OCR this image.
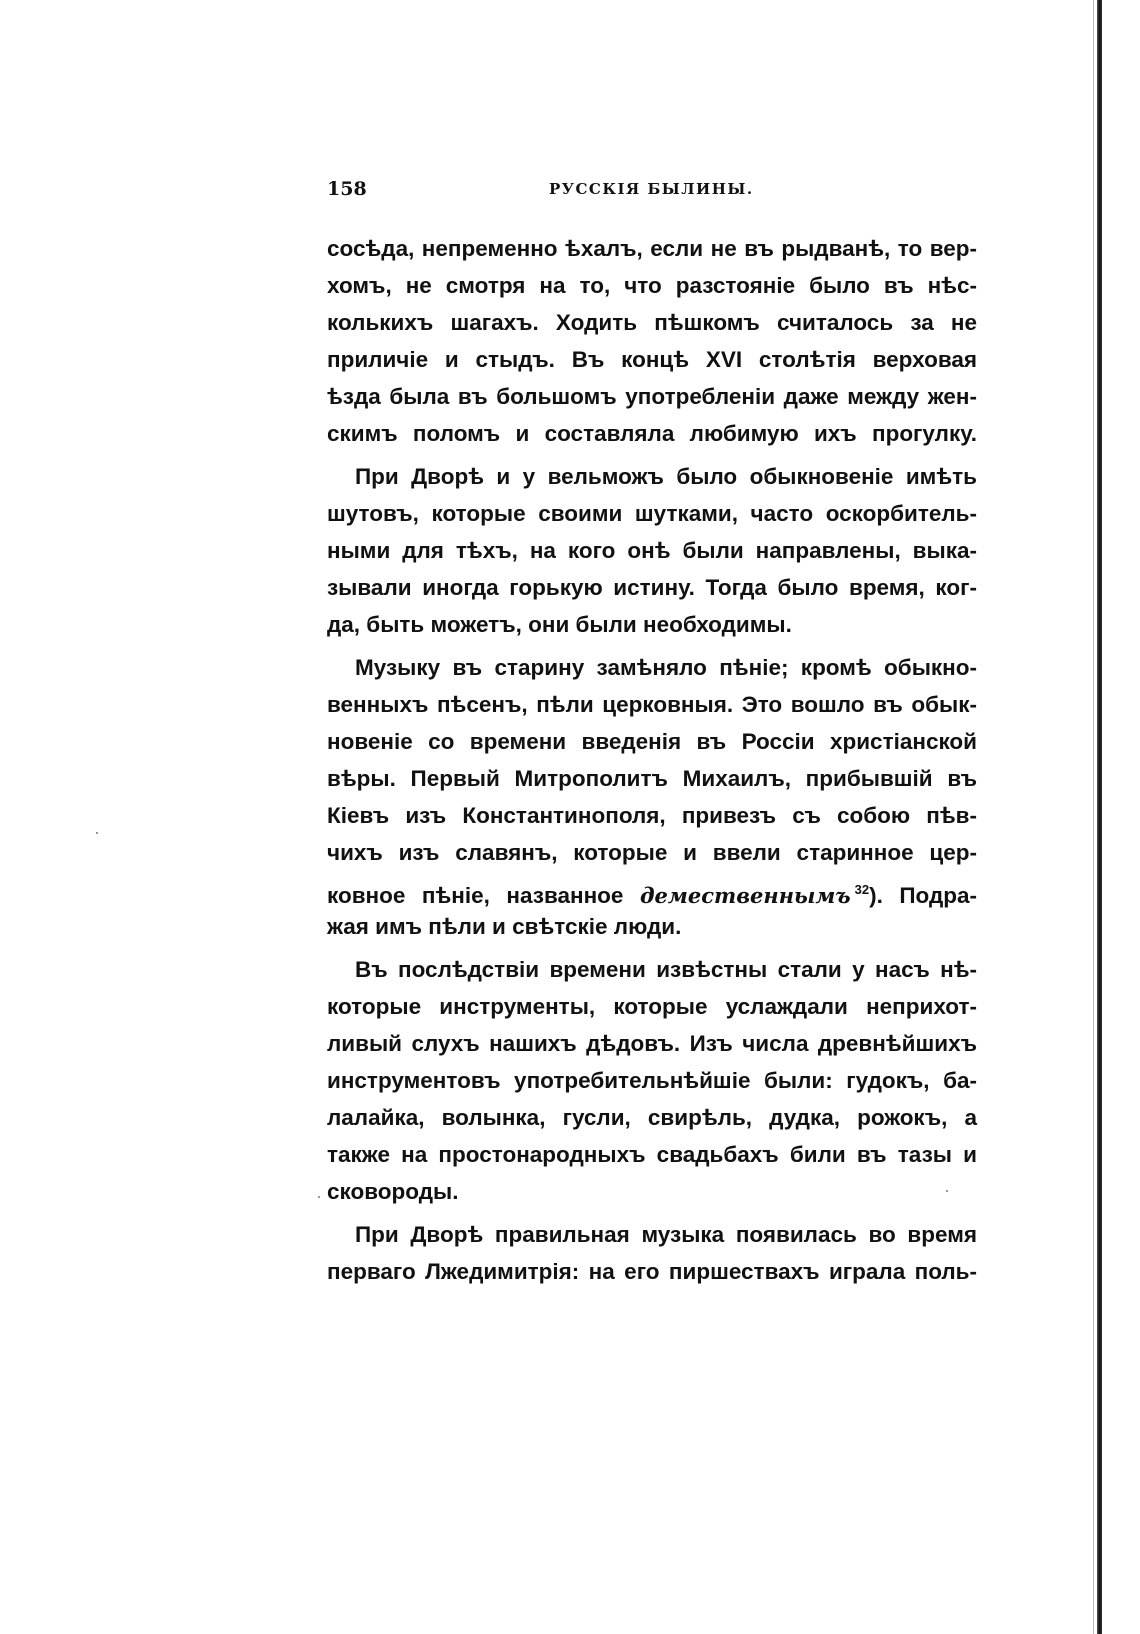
158	РУССКIЯ БЫЛИНЫ.
сосѣда, непременно ѣхалъ, если не въ рыдванѣ, то вер-
хомъ, не смотря на то, что разстоянiе было въ нѣс-
колькихъ шагахъ. Ходить пѣшкомъ считалось за не
приличiе и стыдъ. Въ концѣ XVI столѣтiя верховая
ѣзда была въ большомъ употребленiи даже между жен-
скимъ поломъ и составляла любимую ихъ прогулку.
При Дворѣ и у вельможъ было обыкновенiе имѣть
шутовъ, которые своими шутками, часто оскорбитель-
ными для тѣхъ, на кого онѣ были направлены, выка-
зывали иногда горькую истину. Тогда было время, ког-
да, быть можетъ, они были необходимы.
Музыку въ старину замѣняло пѣнiе; кромѣ обыкно-
венныхъ пѣсенъ, пѣли церковныя. Это вошло въ обык-
новенiе со времени введенiя въ Россiи христiанской
вѣры. Первый Митрополитъ Михаилъ, прибывшiй въ
Кiевъ изъ Константинополя, привезъ съ собою пѣв-
чихъ изъ славянъ, которые и ввели старинное цер-
ковное пѣнiе, названное демественнымъ $^{32}$). Подра-
жая имъ пѣли и свѣтскiе люди.
Въ послѣдствiи времени извѣстны стали у насъ нѣ-
которые инструменты, которые услаждали неприхот-
ливый слухъ нашихъ дѣдовъ. Изъ числа древнѣйшихъ
инструментовъ употребительнѣйшiе были: гудокъ, ба-
лалайка, волынка, гусли, свирѣль, дудка, рожокъ, а
также на простонародныхъ свадьбахъ били въ тазы и
сковороды.
При Дворѣ правильная музыка появилась во время
перваго Лжедимитрiя: на его пиршествахъ играла поль-
